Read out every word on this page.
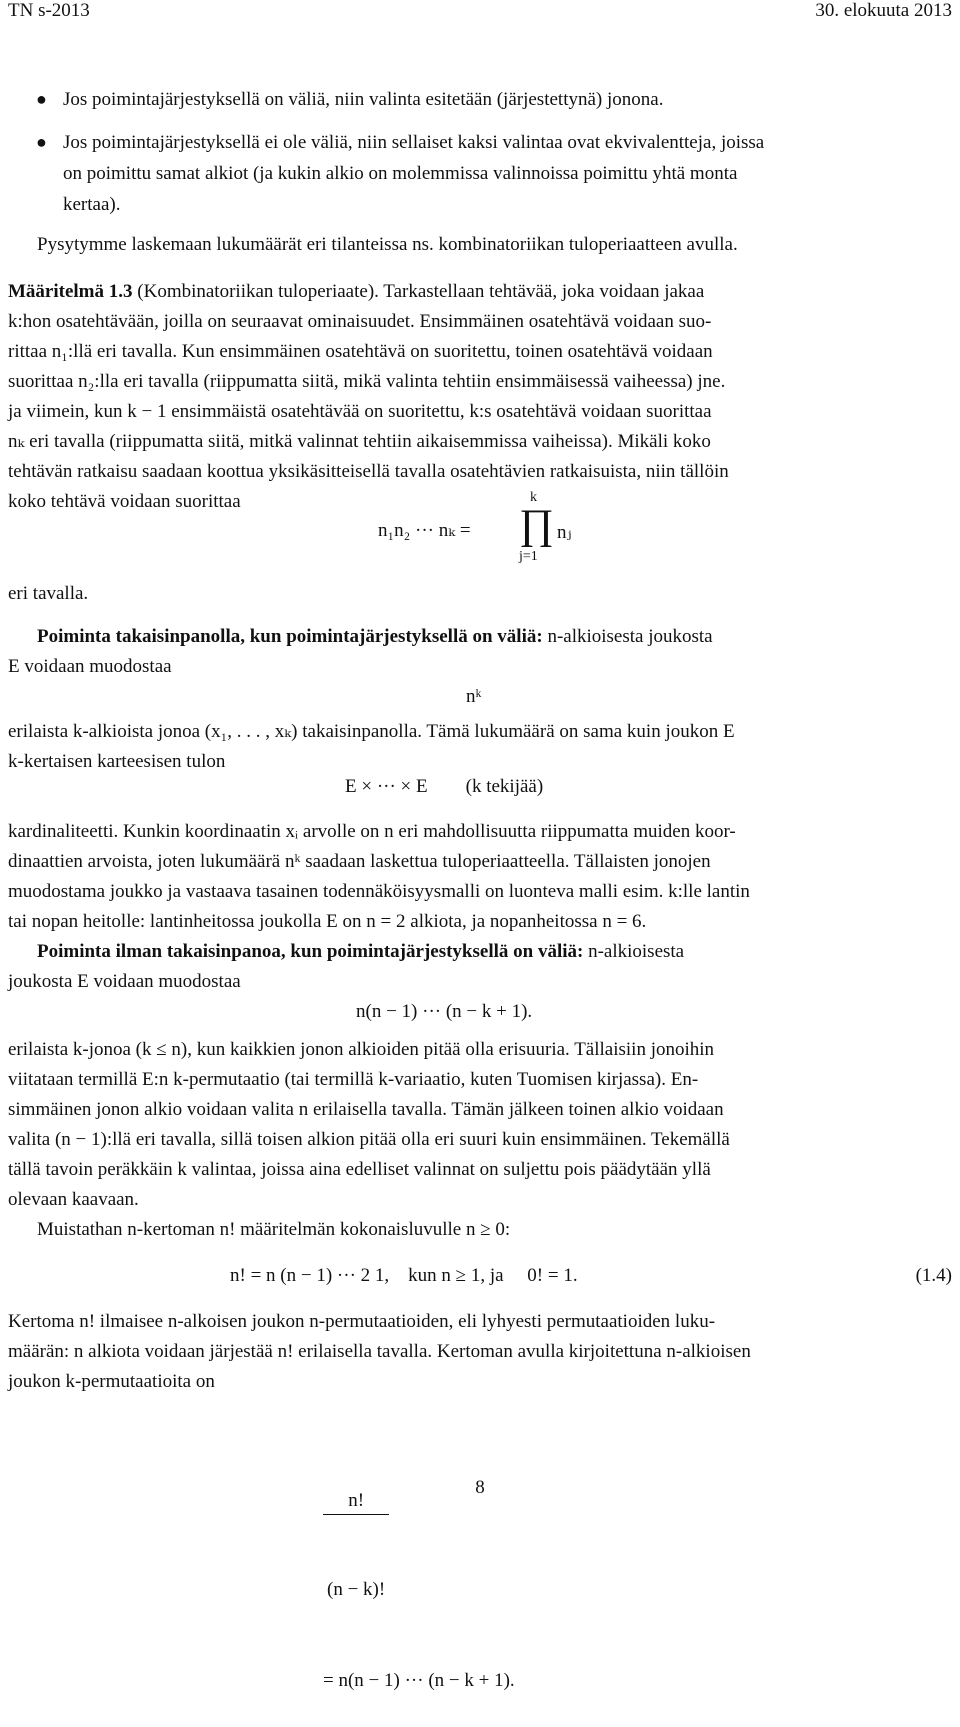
TN s-2013	30. elokuuta 2013
● Jos poimintajärjestyksellä on väliä, niin valinta esitetään (järjestettynä) jonona.
● Jos poimintajärjestyksellä ei ole väliä, niin sellaiset kaksi valintaa ovat ekvivalentteja, joissa
on poimittu samat alkiot (ja kukin alkio on molemmissa valinnoissa poimittu yhtä monta
kertaa).
Pysytymme laskemaan lukumäärät eri tilanteissa ns. kombinatoriikan tuloperiaatteen avulla.
Määritelmä 1.3 (Kombinatoriikan tuloperiaate). Tarkastellaan tehtävää, joka voidaan jakaa
k:hon osatehtävään, joilla on seuraavat ominaisuudet. Ensimmäinen osatehtävä voidaan suo-
rittaa n₁:llä eri tavalla. Kun ensimmäinen osatehtävä on suoritettu, toinen osatehtävä voidaan
suorittaa n₂:lla eri tavalla (riippumatta siitä, mikä valinta tehtiin ensimmäisessä vaiheessa) jne.
ja viimein, kun k − 1 ensimmäistä osatehtävää on suoritettu, k:s osatehtävä voidaan suorittaa
nₖ eri tavalla (riippumatta siitä, mitkä valinnat tehtiin aikaisemmissa vaiheissa). Mikäli koko
tehtävän ratkaisu saadaan koottua yksikäsitteisellä tavalla osatehtävien ratkaisuista, niin tällöin
koko tehtävä voidaan suorittaa
n₁n₂ ··· nₖ =
k
∏
j=1
nⱼ
eri tavalla.
Poiminta takaisinpanolla, kun poimintajärjestyksellä on väliä: n-alkioisesta joukosta
E voidaan muodostaa
nᵏ
erilaista k-alkioista jonoa (x₁, . . . , xₖ) takaisinpanolla. Tämä lukumäärä on sama kuin joukon E
k-kertaisen karteesisen tulon
E × ··· × E        (k tekijää)
kardinaliteetti. Kunkin koordinaatin xᵢ arvolle on n eri mahdollisuutta riippumatta muiden koor-
dinaattien arvoista, joten lukumäärä nᵏ saadaan laskettua tuloperiaatteella. Tällaisten jonojen
muodostama joukko ja vastaava tasainen todennäköisyysmalli on luonteva malli esim. k:lle lantin
tai nopan heitolle: lantinheitossa joukolla E on n = 2 alkiota, ja nopanheitossa n = 6.
Poiminta ilman takaisinpanoa, kun poimintajärjestyksellä on väliä: n-alkioisesta
joukosta E voidaan muodostaa
n(n − 1) ··· (n − k + 1).
erilaista k-jonoa (k ≤ n), kun kaikkien jonon alkioiden pitää olla erisuuria. Tällaisiin jonoihin
viitataan termillä E:n k-permutaatio (tai termillä k-variaatio, kuten Tuomisen kirjassa). En-
simmäinen jonon alkio voidaan valita n erilaisella tavalla. Tämän jälkeen toinen alkio voidaan
valita (n − 1):llä eri tavalla, sillä toisen alkion pitää olla eri suuri kuin ensimmäinen. Tekemällä
tällä tavoin peräkkäin k valintaa, joissa aina edelliset valinnat on suljettu pois päädytään yllä
olevaan kaavaan.
Muistathan n-kertoman n! määritelmän kokonaisluvulle n ≥ 0:
n! = n (n − 1) ··· 2 1,    kun n ≥ 1, ja     0! = 1.	(1.4)
Kertoma n! ilmaisee n-alkoisen joukon n-permutaatioiden, eli lyhyesti permutaatioiden luku-
määrän: n alkiota voidaan järjestää n! erilaisella tavalla. Kertoman avulla kirjoitettuna n-alkioisen
joukon k-permutaatioita on

$\frac{n!}{(n - k)!}$

= n(n − 1) ··· (n − k + 1).

8
